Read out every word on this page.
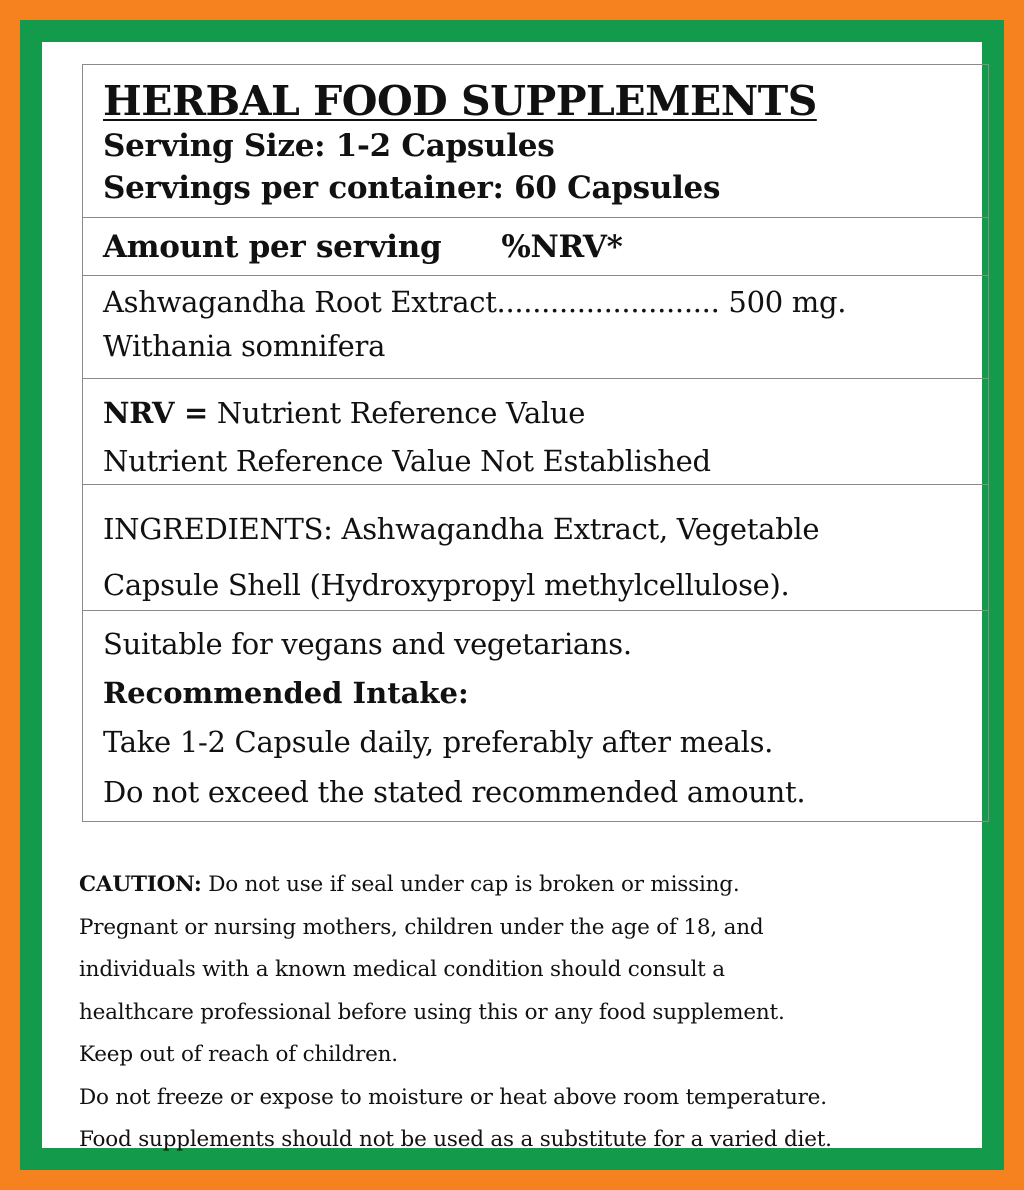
HERBAL FOOD SUPPLEMENTS
Serving Size: 1-2 Capsules
Servings per container: 60 Capsules
Amount per serving %NRV*
Ashwagandha Root Extract......................... 500 mg.
Withania somnifera
NRV = Nutrient Reference Value
Nutrient Reference Value Not Established
INGREDIENTS: Ashwagandha Extract, Vegetable
Capsule Shell (Hydroxypropyl methylcellulose).
Suitable for vegans and vegetarians.
Recommended Intake:
Take 1-2 Capsule daily, preferably after meals.
Do not exceed the stated recommended amount.

CAUTION: Do not use if seal under cap is broken or missing.

Pregnant or nursing mothers, children under the age of 18, and

individuals with a known medical condition should consult a

healthcare professional before using this or any food supplement.

Keep out of reach of children.

Do not freeze or expose to moisture or heat above room temperature.

Food supplements should not be used as a substitute for a varied diet.
